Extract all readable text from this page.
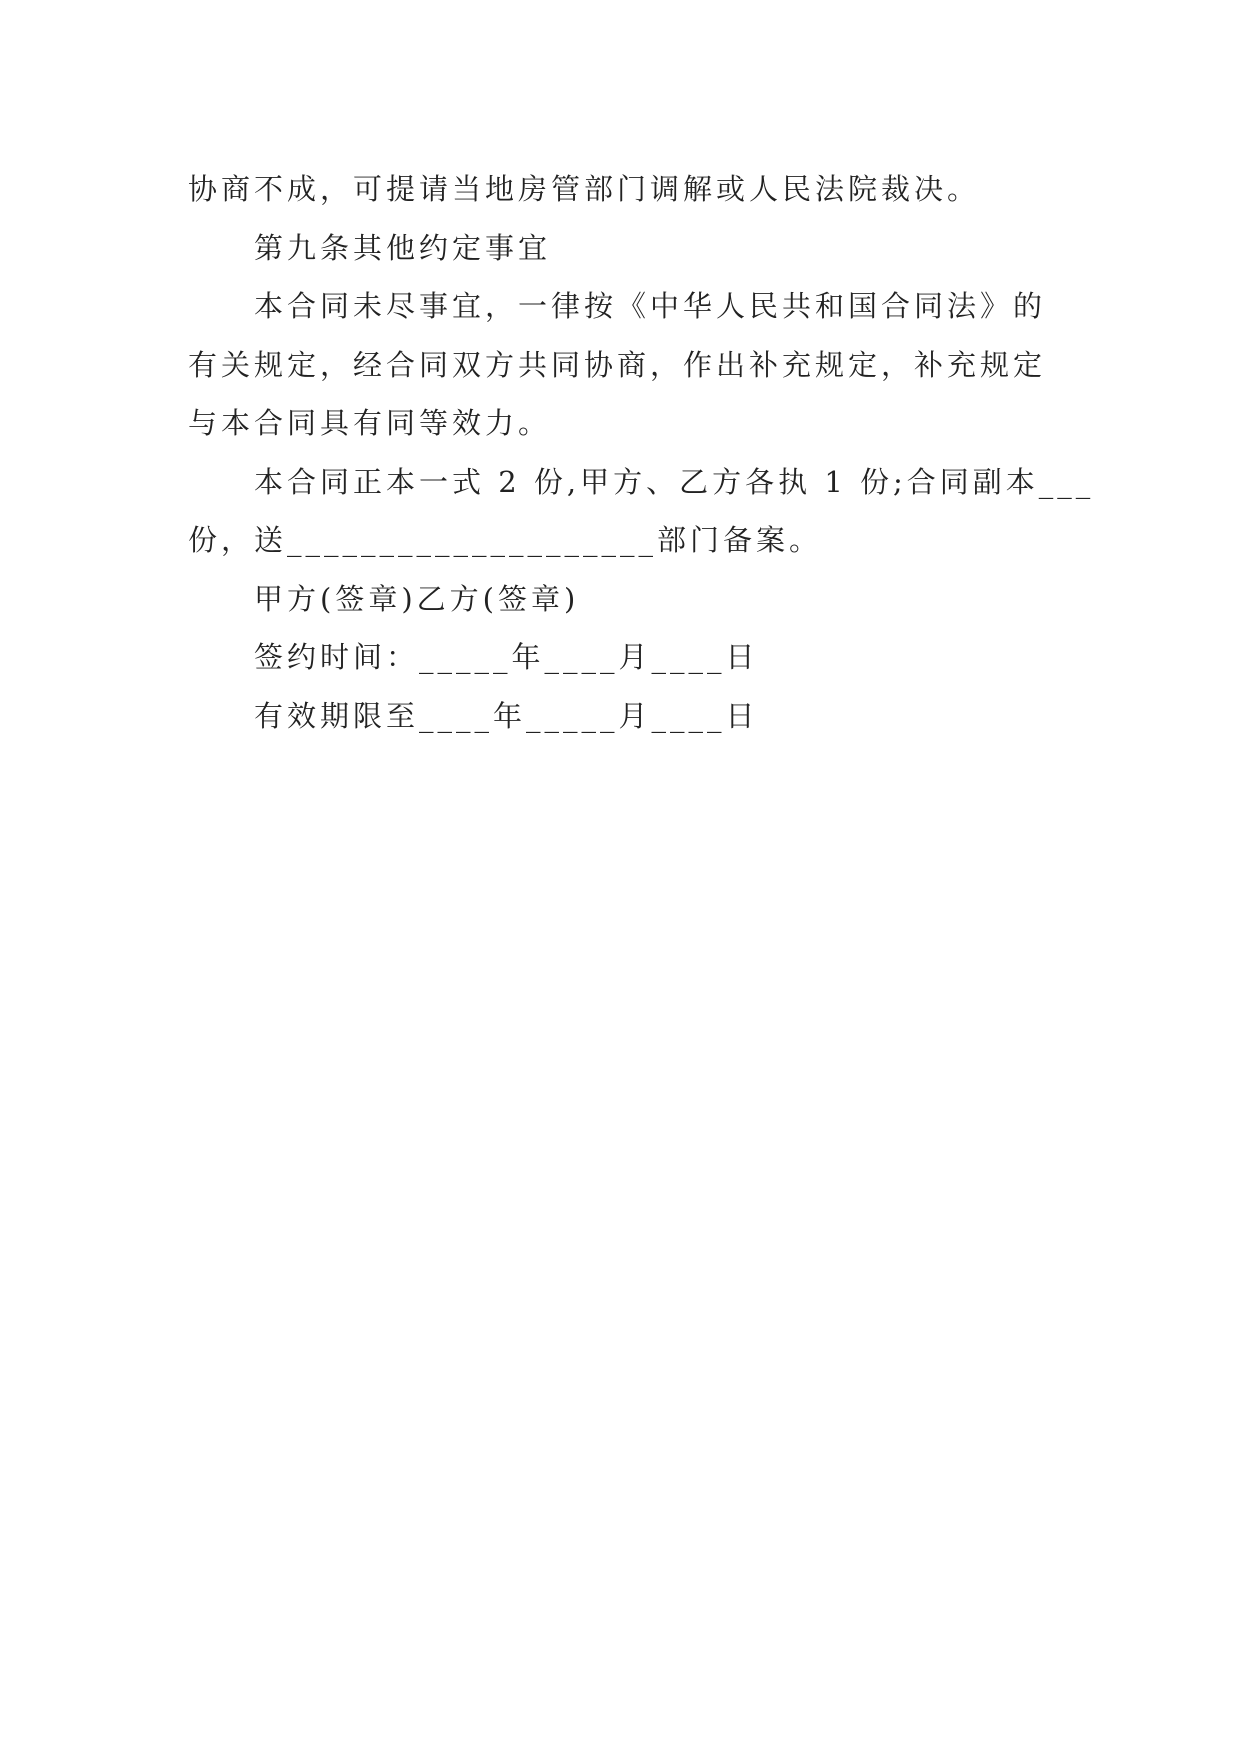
协商不成，可提请当地房管部门调解或人民法院裁决。
第九条其他约定事宜
本合同未尽事宜，一律按《中华人民共和国合同法》的
有关规定，经合同双方共同协商，作出补充规定，补充规定
与本合同具有同等效力。
本合同正本一式 2 份,甲方、乙方各执 1 份;合同副本___
份，送____________________部门备案。
甲方(签章)乙方(签章)
签约时间：_____年____月____日
有效期限至____年_____月____日
